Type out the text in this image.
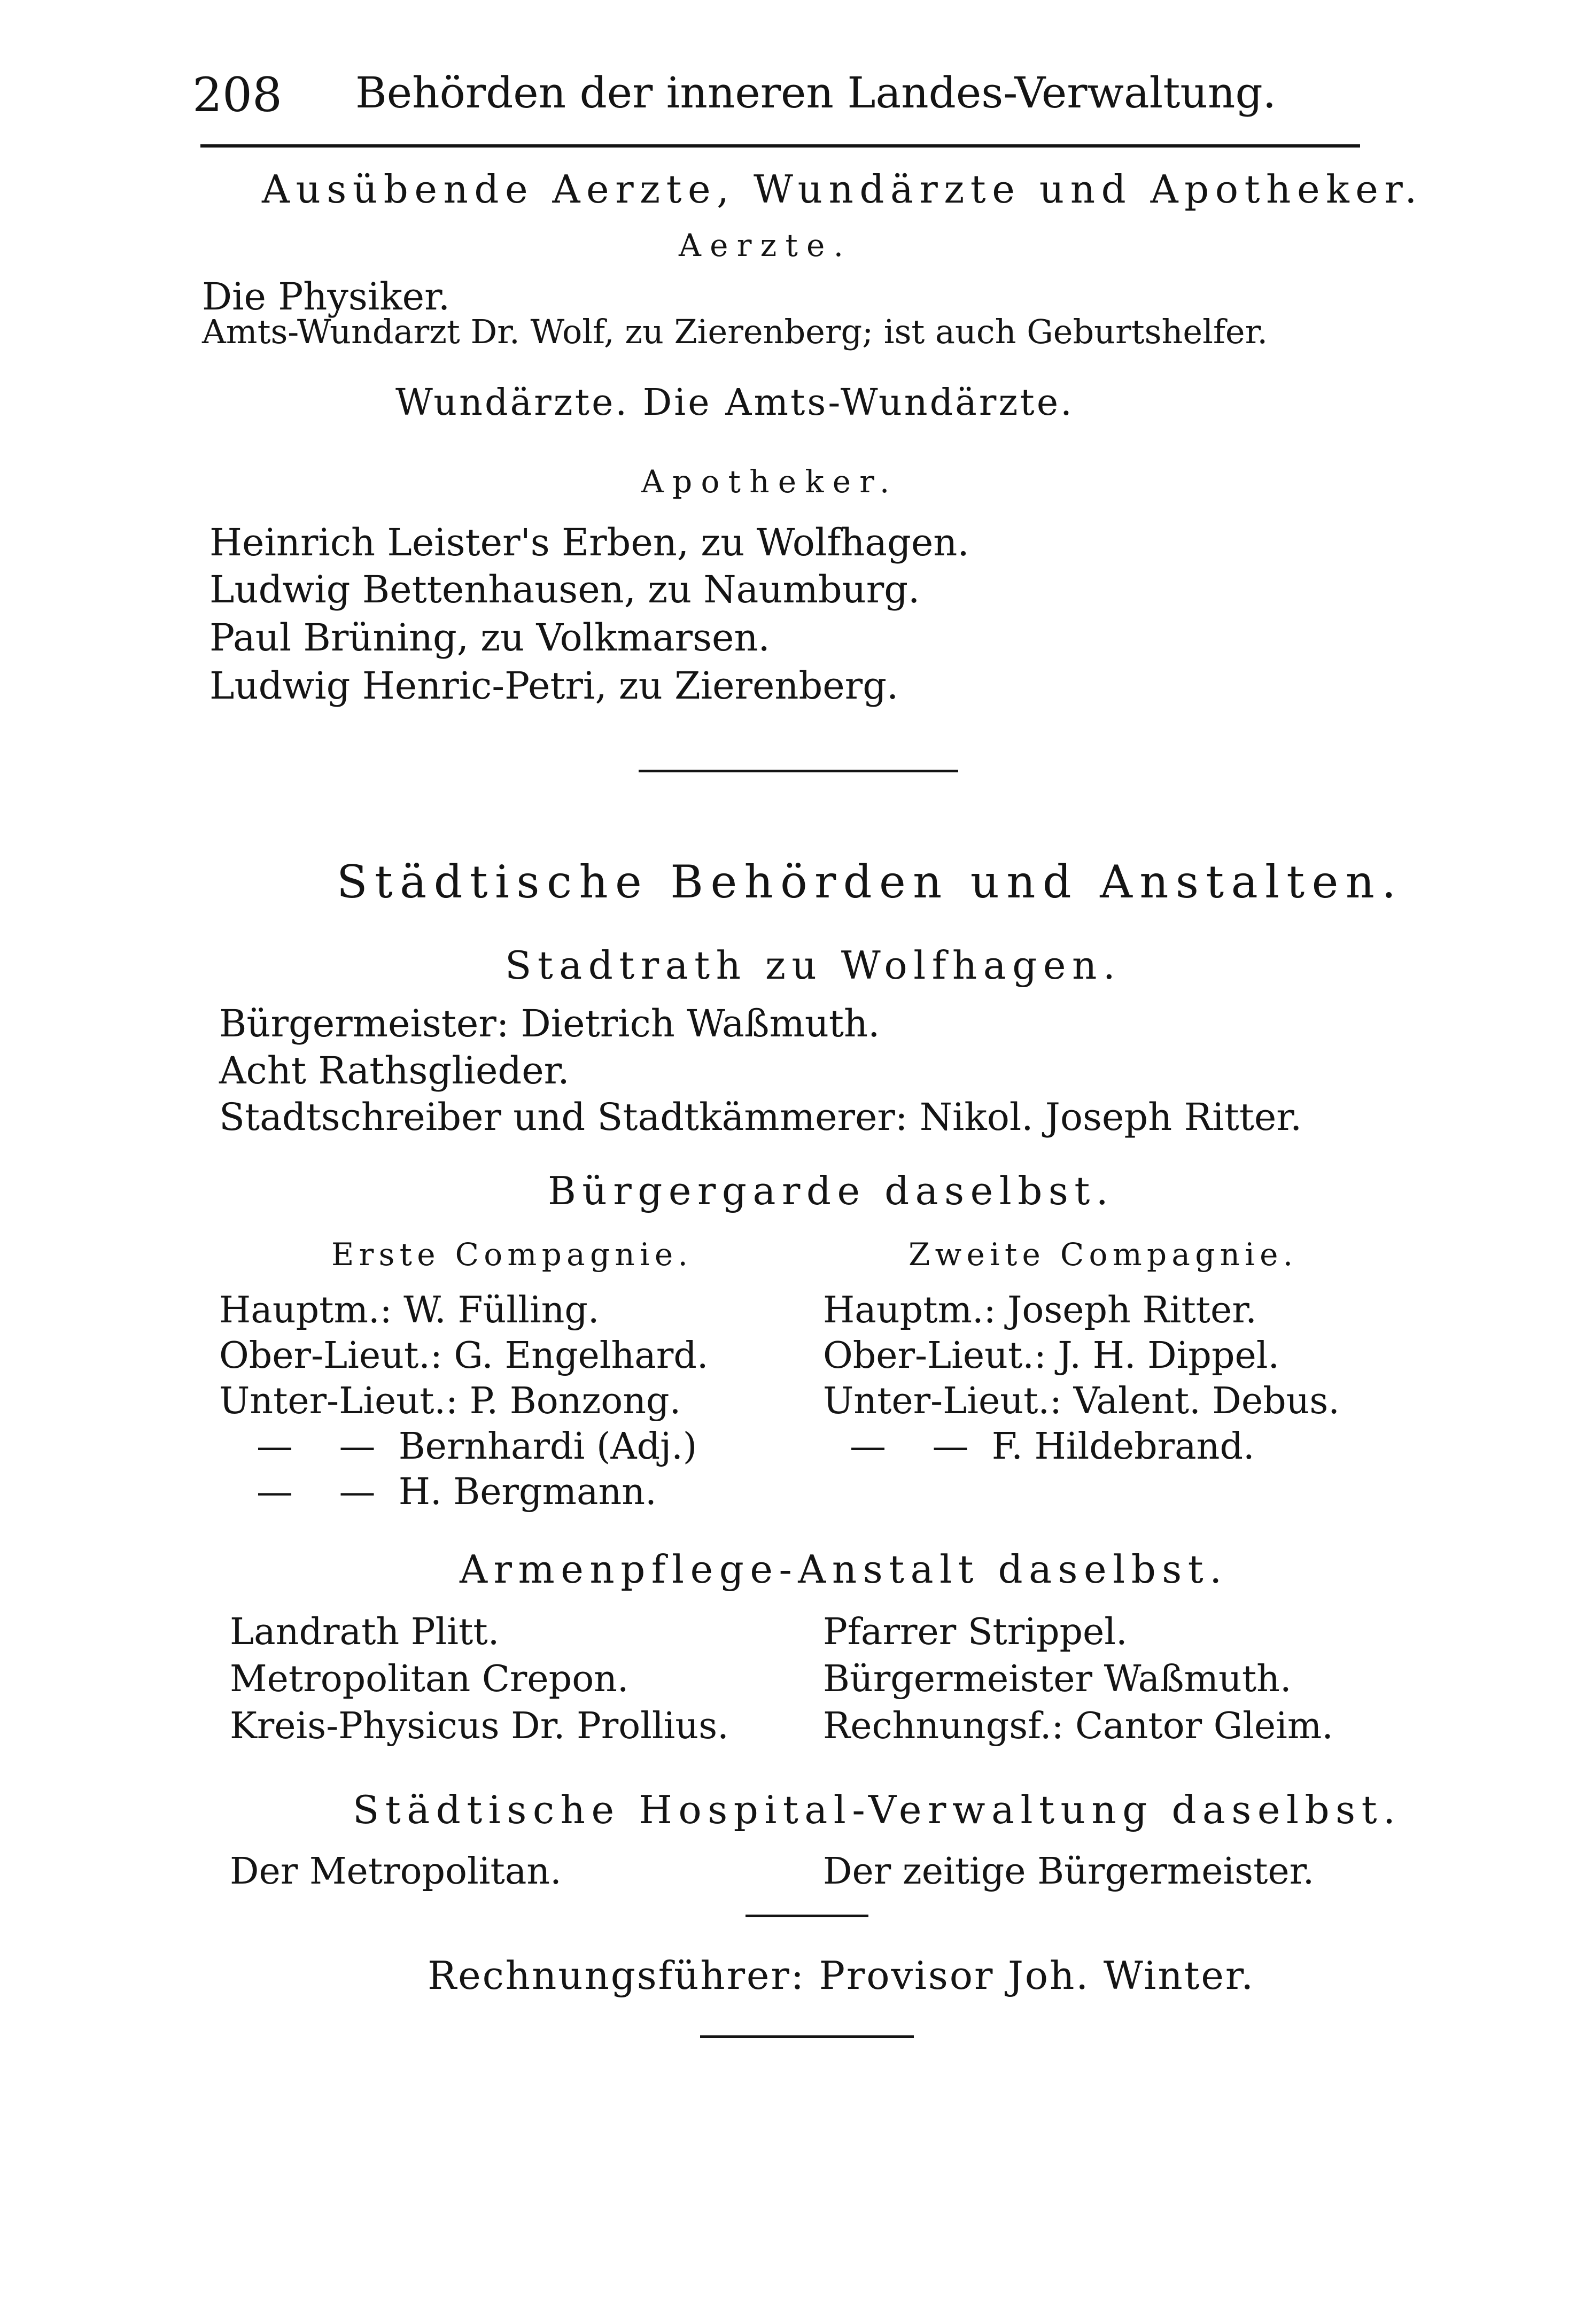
208 Behörden der inneren Landes-Verwaltung.
Ausübende Aerzte, Wundärzte und Apotheker.
Aerzte.
Die Physiker.
Amts-Wundarzt Dr. Wolf, zu Zierenberg; ist auch Geburtshelfer.
Wundärzte. Die Amts-Wundärzte.
Apotheker.
Heinrich Leister's Erben, zu Wolfhagen.
Ludwig Bettenhausen, zu Naumburg.
Paul Brüning, zu Volkmarsen.
Ludwig Henric-Petri, zu Zierenberg.
Städtische Behörden und Anstalten.
Stadtrath zu Wolfhagen.
Bürgermeister: Dietrich Waßmuth.
Acht Rathsglieder.
Stadtschreiber und Stadtkämmerer: Nikol. Joseph Ritter.
Bürgergarde daselbst.
Erste Compagnie.	Zweite Compagnie.
Hauptm.: W. Fülling.	Hauptm.: Joseph Ritter.
Ober-Lieut.: G. Engelhard.	Ober-Lieut.: J. H. Dippel.
Unter-Lieut.: P. Bonzong.	Unter-Lieut.: Valent. Debus.
—    —  Bernhardi (Adj.)	—    —  F. Hildebrand.
—    —  H. Bergmann.
Armenpflege-Anstalt daselbst.
Landrath Plitt.	Pfarrer Strippel.
Metropolitan Crepon.	Bürgermeister Waßmuth.
Kreis-Physicus Dr. Prollius.	Rechnungsf.: Cantor Gleim.
Städtische Hospital-Verwaltung daselbst.
Der Metropolitan.	Der zeitige Bürgermeister.
Rechnungsführer: Provisor Joh. Winter.
